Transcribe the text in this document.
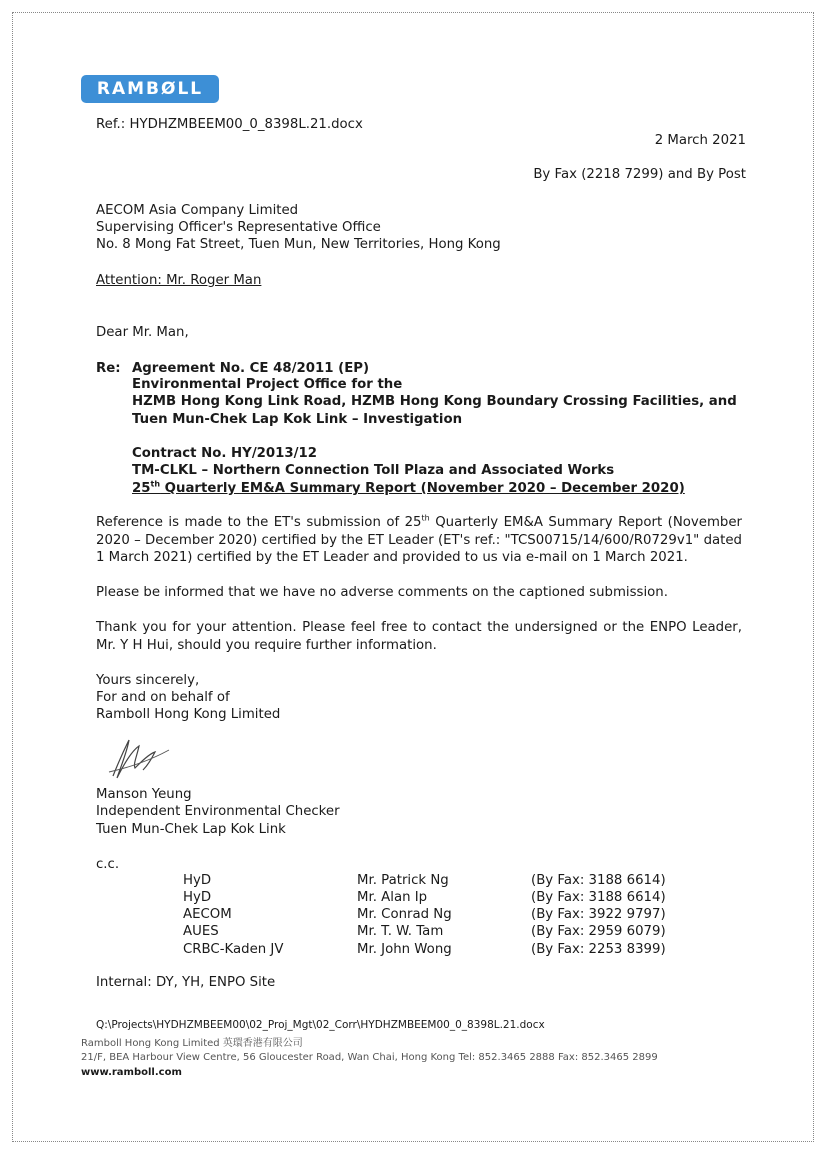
RAMBØLL
Ref.: HYDHZMBEEM00_0_8398L.21.docx
2 March 2021
By Fax (2218 7299) and By Post
AECOM Asia Company Limited
Supervising Officer's Representative Office
No. 8 Mong Fat Street, Tuen Mun, New Territories, Hong Kong
Attention: Mr. Roger Man
Dear Mr. Man,
Re: Agreement No. CE 48/2011 (EP)
Environmental Project Office for the
HZMB Hong Kong Link Road, HZMB Hong Kong Boundary Crossing Facilities, and
Tuen Mun-Chek Lap Kok Link – Investigation
Contract No. HY/2013/12
TM-CLKL – Northern Connection Toll Plaza and Associated Works
25th Quarterly EM&A Summary Report (November 2020 – December 2020)
Reference is made to the ET's submission of 25th Quarterly EM&A Summary Report (November 2020 – December 2020) certified by the ET Leader (ET's ref.: "TCS00715/14/600/R0729v1" dated 1 March 2021) certified by the ET Leader and provided to us via e-mail on 1 March 2021.
Please be informed that we have no adverse comments on the captioned submission.
Thank you for your attention. Please feel free to contact the undersigned or the ENPO Leader, Mr. Y H Hui, should you require further information.
Yours sincerely,
For and on behalf of
Ramboll Hong Kong Limited
Manson Yeung
Independent Environmental Checker
Tuen Mun-Chek Lap Kok Link
c.c.
HyD	Mr. Patrick Ng	(By Fax: 3188 6614)
HyD	Mr. Alan Ip	(By Fax: 3188 6614)
AECOM	Mr. Conrad Ng	(By Fax: 3922 9797)
AUES	Mr. T. W. Tam	(By Fax: 2959 6079)
CRBC-Kaden JV	Mr. John Wong	(By Fax: 2253 8399)
Internal: DY, YH, ENPO Site
Q:\Projects\HYDHZMBEEM00\02_Proj_Mgt\02_Corr\HYDHZMBEEM00_0_8398L.21.docx
Ramboll Hong Kong Limited 英環香港有限公司
21/F, BEA Harbour View Centre, 56 Gloucester Road, Wan Chai, Hong Kong Tel: 852.3465 2888 Fax: 852.3465 2899
www.ramboll.com
